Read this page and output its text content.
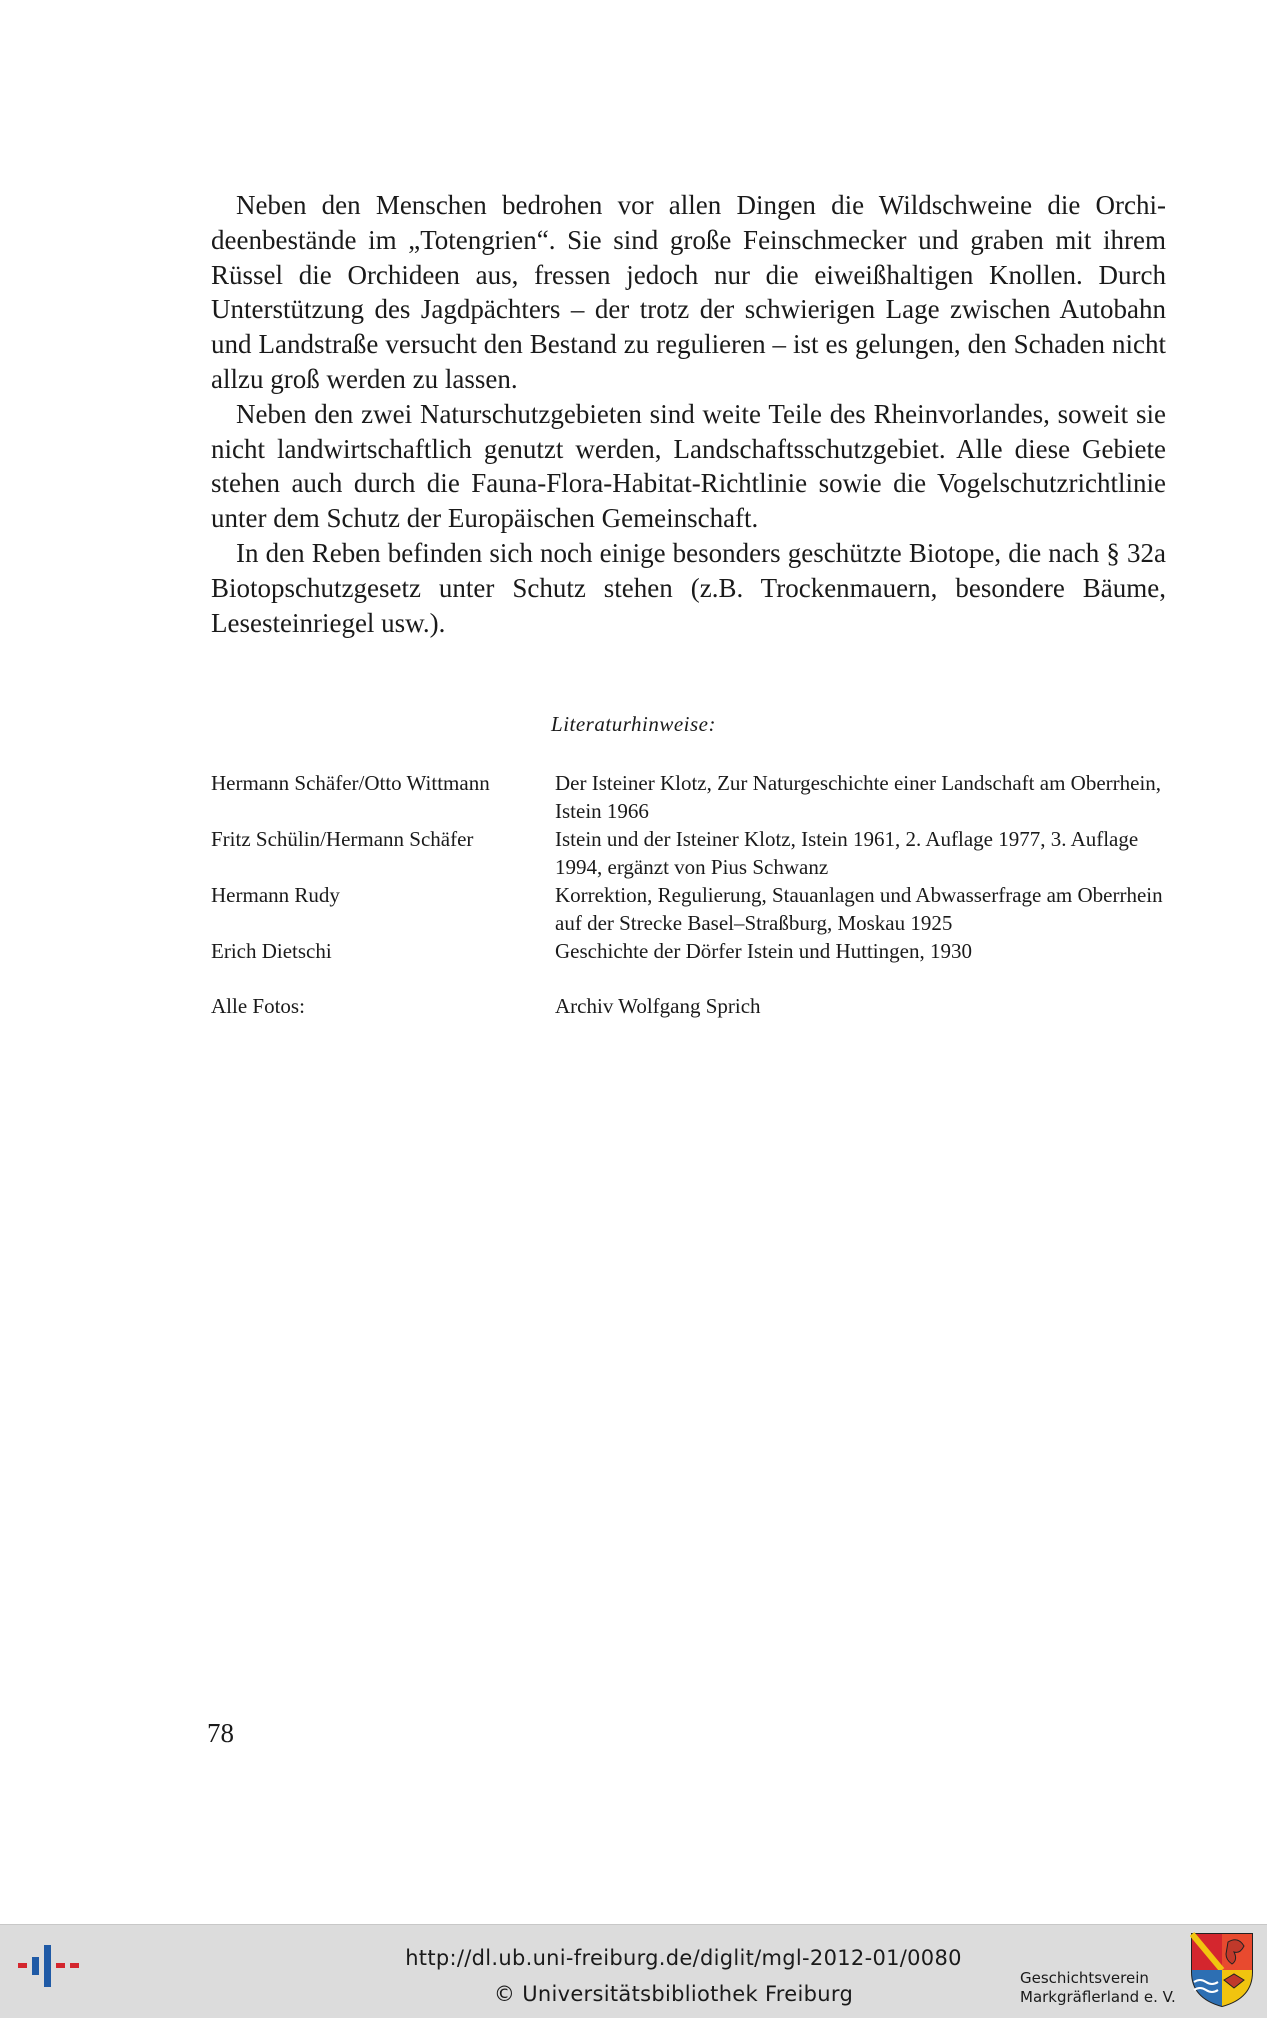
Neben den Menschen bedrohen vor allen Dingen die Wildschweine die Orchideenbestände im „Totengrien“. Sie sind große Feinschmecker und graben mit ihrem Rüssel die Orchideen aus, fressen jedoch nur die eiweißhaltigen Knollen. Durch Unterstützung des Jagdpächters – der trotz der schwierigen Lage zwischen Autobahn und Landstraße versucht den Bestand zu regulieren – ist es gelungen, den Schaden nicht allzu groß werden zu lassen.

Neben den zwei Naturschutzgebieten sind weite Teile des Rheinvorlandes, soweit sie nicht landwirtschaftlich genutzt werden, Landschaftsschutzgebiet. Alle diese Gebiete stehen auch durch die Fauna-Flora-Habitat-Richtlinie sowie die Vogelschutzrichtlinie unter dem Schutz der Europäischen Gemeinschaft.

In den Reben befinden sich noch einige besonders geschützte Biotope, die nach § 32a Biotopschutzgesetz unter Schutz stehen (z.B. Trockenmauern, besondere Bäume, Lesesteinriegel usw.).

Literaturhinweise:
Hermann Schäfer/Otto Wittmann	Der Isteiner Klotz, Zur Naturgeschichte einer Landschaft am Oberrhein, Istein 1966
Fritz Schülin/Hermann Schäfer	Istein und der Isteiner Klotz, Istein 1961, 2. Auflage 1977, 3. Auflage 1994, ergänzt von Pius Schwanz
Hermann Rudy	Korrektion, Regulierung, Stauanlagen und Abwasserfrage am Oberrhein auf der Strecke Basel–Straßburg, Moskau 1925
Erich Dietschi	Geschichte der Dörfer Istein und Huttingen, 1930
Alle Fotos:	Archiv Wolfgang Sprich
78
http://dl.ub.uni-freiburg.de/diglit/mgl-2012-01/0080
© Universitätsbibliothek Freiburg
Geschichtsverein
Markgräflerland e. V.
